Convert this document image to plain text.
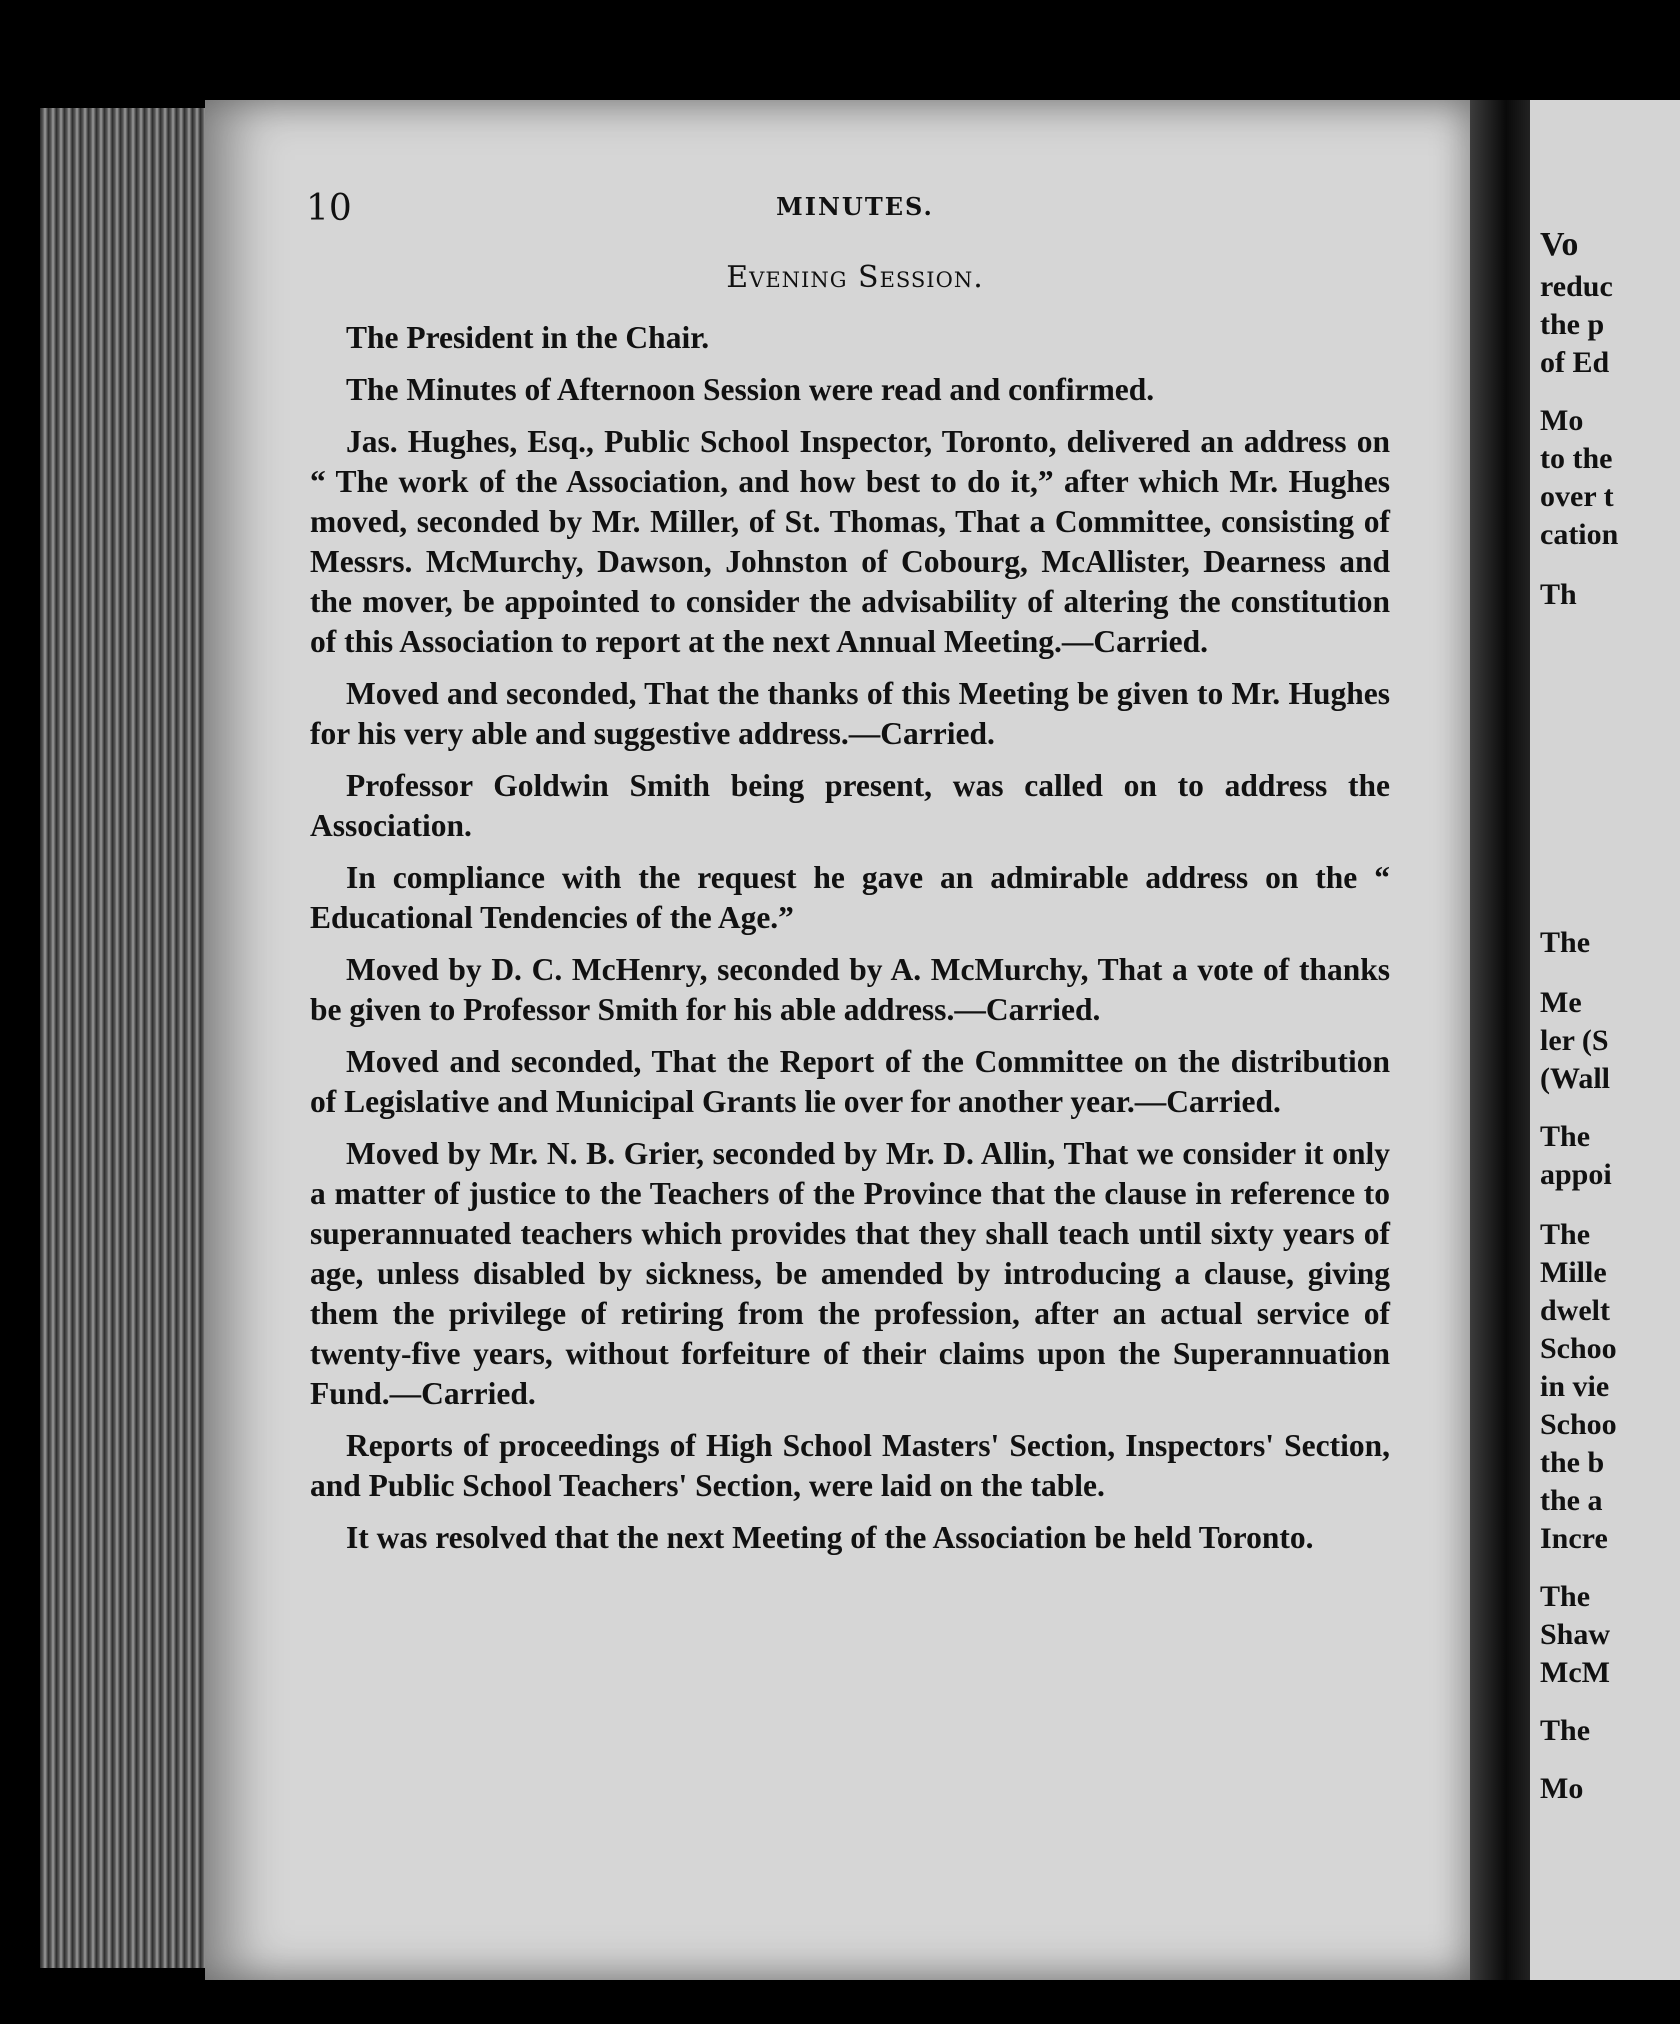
Vo
reduc
the p
of Ed
Mo
to the
over t
cation
Th
The
Me
ler (S
(Wall
The
appoi
The
Mille
dwelt
Schoo
in vie
Schoo
the b
the a
Incre
The
Shaw
McM
The
Mo
10	MINUTES.
Evening Session.

The President in the Chair.

The Minutes of Afternoon Session were read and confirmed.

Jas. Hughes, Esq., Public School Inspector, Toronto, delivered an address on “ The work of the Association, and how best to do it,” after which Mr. Hughes moved, seconded by Mr. Miller, of St. Thomas, That a Committee, consisting of Messrs. McMurchy, Dawson, Johnston of Cobourg, McAllister, Dearness and the mover, be appointed to consider the advisability of altering the constitution of this Association to report at the next Annual Meeting.—Carried.

Moved and seconded, That the thanks of this Meeting be given to Mr. Hughes for his very able and suggestive address.—Carried.

Professor Goldwin Smith being present, was called on to address the Association.

In compliance with the request he gave an admirable address on the “ Educational Tendencies of the Age.”

Moved by D. C. McHenry, seconded by A. McMurchy, That a vote of thanks be given to Professor Smith for his able address.—Carried.

Moved and seconded, That the Report of the Committee on the distribution of Legislative and Municipal Grants lie over for another year.—Carried.

Moved by Mr. N. B. Grier, seconded by Mr. D. Allin, That we consider it only a matter of justice to the Teachers of the Province that the clause in reference to superannuated teachers which provides that they shall teach until sixty years of age, unless disabled by sickness, be amended by introducing a clause, giving them the privilege of retiring from the profession, after an actual service of twenty-five years, without forfeiture of their claims upon the Superannuation Fund.—Carried.

Reports of proceedings of High School Masters' Section, Inspectors' Section, and Public School Teachers' Section, were laid on the table.

It was resolved that the next Meeting of the Association be held Toronto.
